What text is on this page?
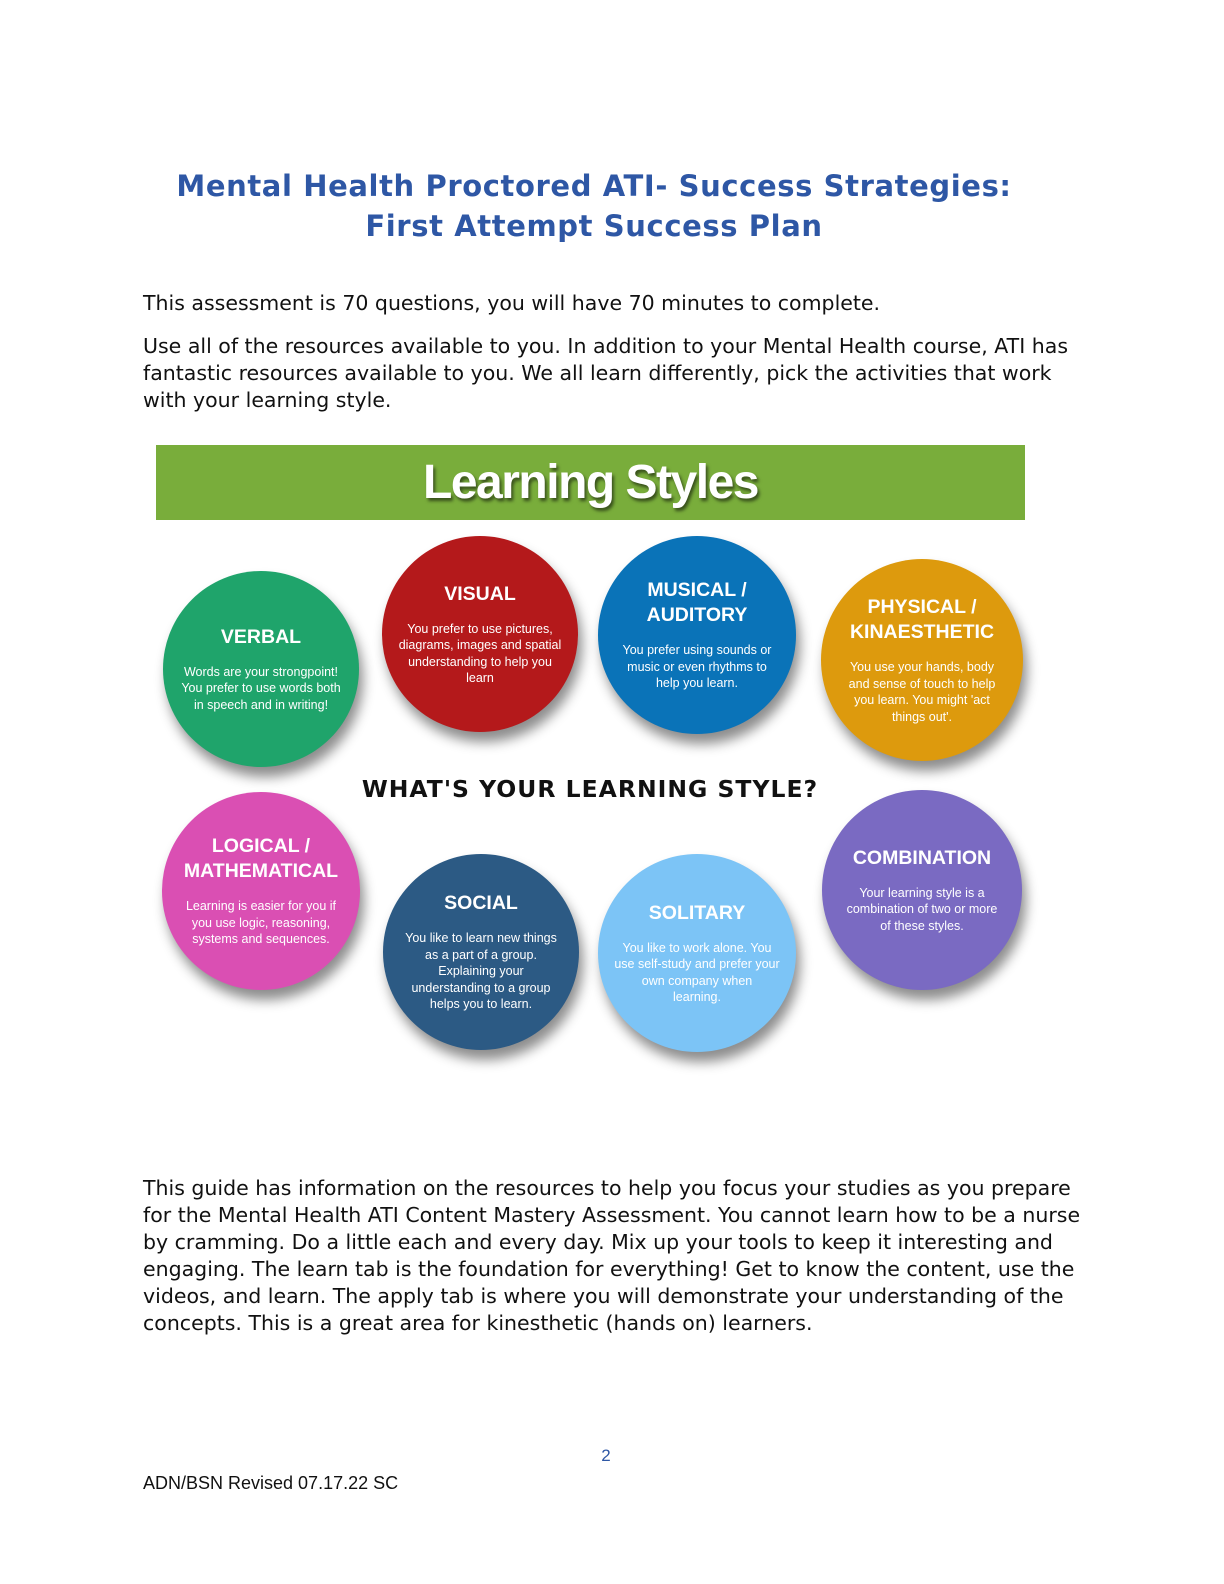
Mental Health Proctored ATI- Success Strategies:
First Attempt Success Plan

This assessment is 70 questions, you will have 70 minutes to complete.

Use all of the resources available to you. In addition to your Mental Health course, ATI has fantastic resources available to you. We all learn differently, pick the activities that work with your learning style.

Learning Styles
WHAT'S YOUR LEARNING STYLE?
VERBAL
Words are your strongpoint!
You prefer to use words both
in speech and in writing!
VISUAL
You prefer to use pictures,
diagrams, images and spatial
understanding to help you
learn
MUSICAL /
AUDITORY
You prefer using sounds or
music or even rhythms to
help you learn.
PHYSICAL /
KINAESTHETIC
You use your hands, body
and sense of touch to help
you learn. You might 'act
things out'.
LOGICAL /
MATHEMATICAL
Learning is easier for you if
you use logic, reasoning,
systems and sequences.
SOCIAL
You like to learn new things
as a part of a group.
Explaining your
understanding to a group
helps you to learn.
SOLITARY
You like to work alone. You
use self-study and prefer your
own company when
learning.
COMBINATION
Your learning style is a
combination of two or more
of these styles.

This guide has information on the resources to help you focus your studies as you prepare for the Mental Health ATI Content Mastery Assessment. You cannot learn how to be a nurse by cramming. Do a little each and every day. Mix up your tools to keep it interesting and engaging. The learn tab is the foundation for everything! Get to know the content, use the videos, and learn. The apply tab is where you will demonstrate your understanding of the concepts. This is a great area for kinesthetic (hands on) learners.

2
ADN/BSN Revised 07.17.22 SC
